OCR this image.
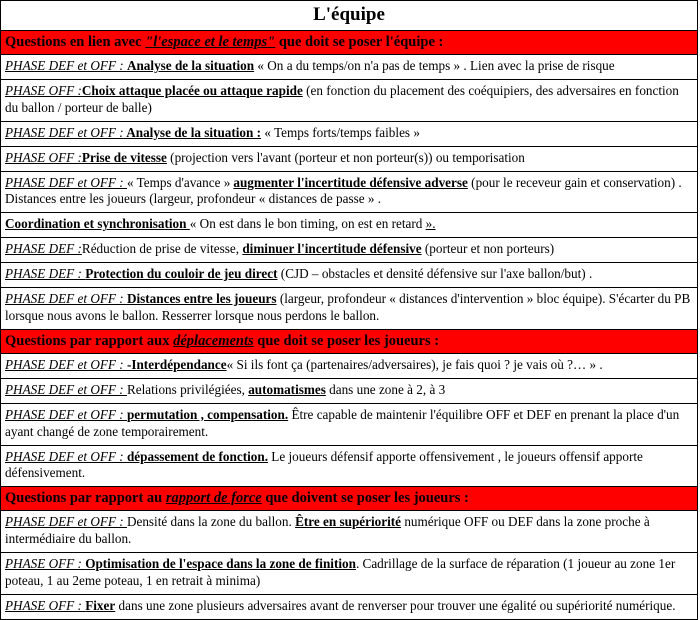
L'équipe
Questions en lien avec "l'espace et le temps" que doit se poser l'équipe :
PHASE DEF et OFF : Analyse de la situation « On a du temps/on n'a pas de temps » . Lien avec la prise de risque
PHASE OFF :Choix attaque placée ou attaque rapide (en fonction du placement des coéquipiers, des adversaires en fonction du ballon / porteur de balle)
PHASE DEF et OFF : Analyse de la situation : « Temps forts/temps faibles »
PHASE OFF :Prise de vitesse (projection vers l'avant (porteur et non porteur(s)) ou temporisation
PHASE DEF et OFF : « Temps d'avance » augmenter l'incertitude défensive adverse (pour le receveur gain et conservation) . Distances entre les joueurs (largeur, profondeur « distances de passe » .
Coordination et synchronisation « On est dans le bon timing, on est en retard ».
PHASE DEF :Réduction de prise de vitesse, diminuer l'incertitude défensive (porteur et non porteurs)
PHASE DEF : Protection du couloir de jeu direct (CJD – obstacles et densité défensive sur l'axe ballon/but) .
PHASE DEF et OFF : Distances entre les joueurs (largeur, profondeur « distances d'intervention » bloc équipe). S'écarter du PB lorsque nous avons le ballon. Resserrer lorsque nous perdons le ballon.
Questions par rapport aux déplacements que doit se poser les joueurs :
PHASE DEF et OFF : -Interdépendance« Si ils font ça (partenaires/adversaires), je fais quoi ? je vais où ?… » .
PHASE DEF et OFF : Relations privilégiées, automatismes dans une zone à 2, à 3
PHASE DEF et OFF : permutation , compensation. Être capable de maintenir l'équilibre OFF et DEF en prenant la place d'un ayant changé de zone temporairement.
PHASE DEF et OFF : dépassement de fonction. Le joueurs défensif apporte offensivement , le joueurs offensif apporte défensivement.
Questions par rapport au rapport de force que doivent se poser les joueurs :
PHASE DEF et OFF : Densité dans la zone du ballon. Être en supériorité numérique OFF ou DEF dans la zone proche à intermédiaire du ballon.
PHASE OFF : Optimisation de l'espace dans la zone de finition. Cadrillage de la surface de réparation (1 joueur au zone 1er poteau, 1 au 2eme poteau, 1 en retrait à minima)
PHASE OFF : Fixer dans une zone plusieurs adversaires avant de renverser pour trouver une égalité ou supériorité numérique.
